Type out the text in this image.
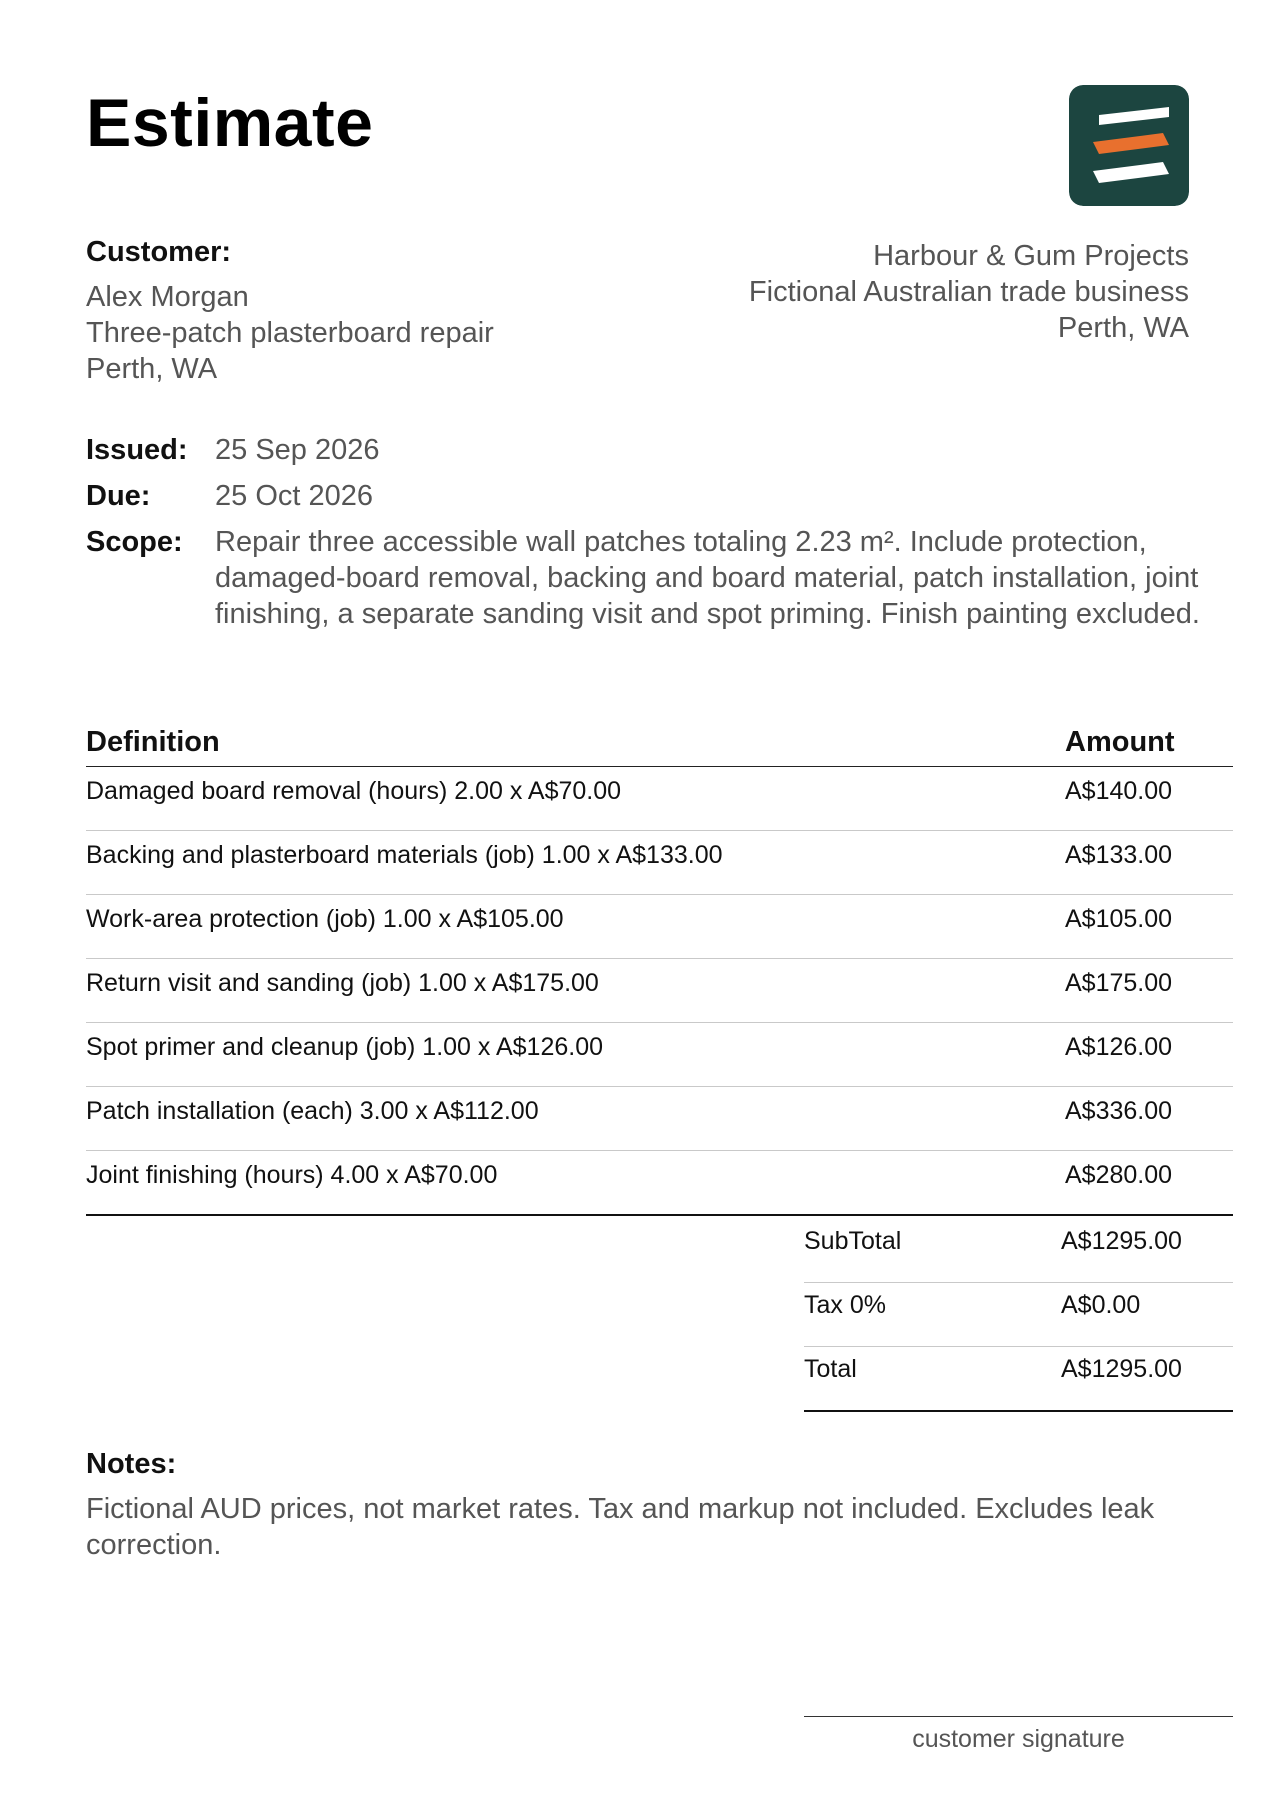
Estimate
Customer:
Alex Morgan
Three-patch plasterboard repair
Perth, WA
Harbour & Gum Projects
Fictional Australian trade business
Perth, WA
Issued: 25 Sep 2026
Due:	25 Oct 2026
Scope:	Repair three accessible wall patches totaling 2.23 m². Include protection, damaged-board removal, backing and board material, patch installation, joint finishing, a separate sanding visit and spot priming. Finish painting excluded.
Definition	Amount
Damaged board removal (hours) 2.00 x A$70.00	A$140.00
Backing and plasterboard materials (job) 1.00 x A$133.00	A$133.00
Work-area protection (job) 1.00 x A$105.00	A$105.00
Return visit and sanding (job) 1.00 x A$175.00	A$175.00
Spot primer and cleanup (job) 1.00 x A$126.00	A$126.00
Patch installation (each) 3.00 x A$112.00	A$336.00
Joint finishing (hours) 4.00 x A$70.00	A$280.00
SubTotal	A$1295.00
Tax 0%	A$0.00
Total	A$1295.00
Notes:
Fictional AUD prices, not market rates. Tax and markup not included. Excludes leak correction.
customer signature
